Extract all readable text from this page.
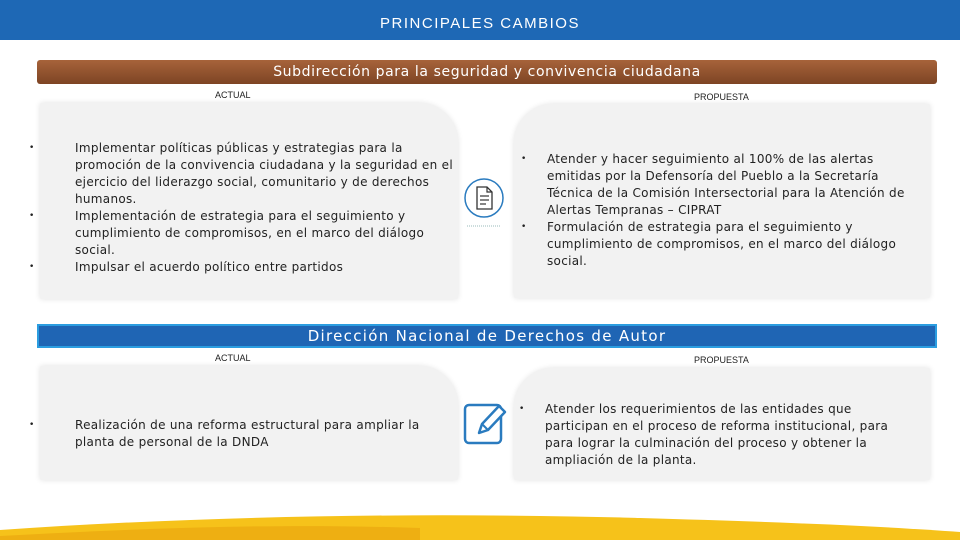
PRINCIPALES CAMBIOS
Subdirección para la seguridad y convivencia ciudadana
ACTUAL	PROPUESTA
• Implementar políticas públicas y estrategias para la promoción de la convivencia ciudadana y la seguridad en el ejercicio del liderazgo social, comunitario y de derechos humanos.
• Implementación de estrategia para el seguimiento y cumplimiento de compromisos, en el marco del diálogo social.
• Impulsar el acuerdo político entre partidos
• Atender y hacer seguimiento al 100% de las alertas emitidas por la Defensoría del Pueblo a la Secretaría Técnica de la Comisión Intersectorial para la Atención de Alertas Tempranas – CIPRAT
• Formulación de estrategia para el seguimiento y cumplimiento de compromisos, en el marco del diálogo social.
Dirección Nacional de Derechos de Autor
ACTUAL	PROPUESTA
• Realización de una reforma estructural para ampliar la planta de personal de la DNDA
• Atender los requerimientos de las entidades que participan en el proceso de reforma institucional, para para lograr la culminación del proceso y obtener la ampliación de la planta.
